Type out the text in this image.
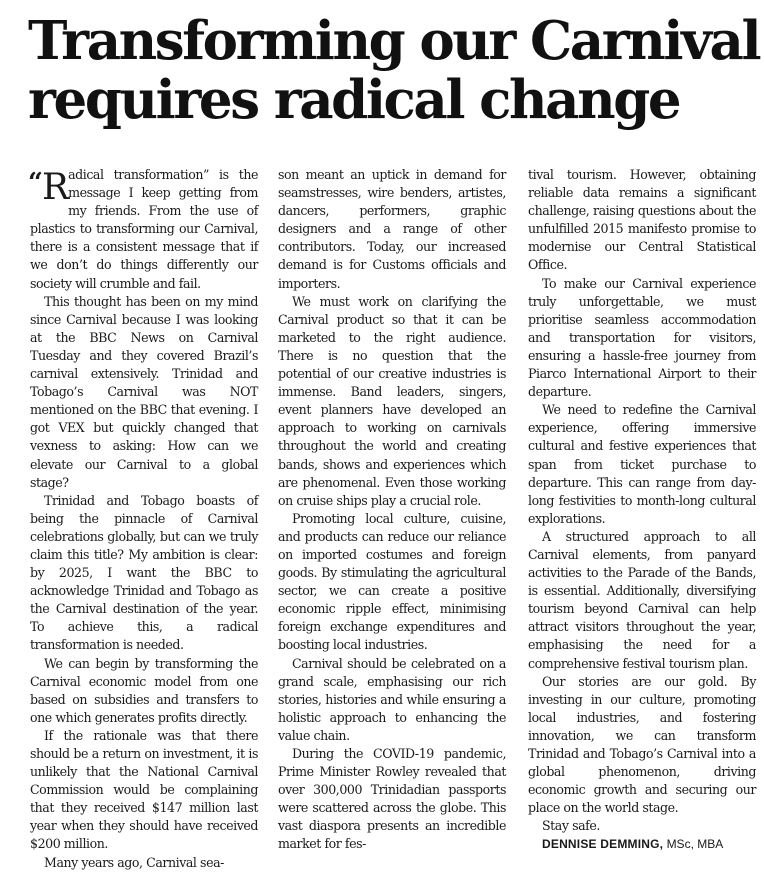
Transforming our Carnival
requires radical change

“R adical transformation” is the message I keep getting from my friends. From the use of plastics to transforming our Carnival, there is a consistent message that if we don’t do things differently our society will crumble and fail.

This thought has been on my mind since Carnival because I was looking at the BBC News on Carnival Tuesday and they covered Brazil’s carnival extensively. Trinidad and Tobago’s Carnival was NOT mentioned on the BBC that evening. I got VEX but quickly changed that vexness to asking: How can we elevate our Carnival to a global stage?

Trinidad and Tobago boasts of being the pinnacle of Carnival celebrations globally, but can we truly claim this title? My ambition is clear: by 2025, I want the BBC to acknowledge Trinidad and Tobago as the Carnival destination of the year. To achieve this, a radical transformation is needed.

We can begin by transforming the Carnival economic model from one based on subsidies and transfers to one which generates profits directly.

If the rationale was that there should be a return on investment, it is unlikely that the National Carnival Commission would be complaining that they received $147 million last year when they should have received $200 million.

Many years ago, Carnival sea-

son meant an uptick in demand for seamstresses, wire benders, artistes, dancers, performers, graphic designers and a range of other contributors. Today, our increased demand is for Customs officials and importers.

We must work on clarifying the Carnival product so that it can be marketed to the right audience. There is no question that the potential of our creative industries is immense. Band leaders, singers, event planners have developed an approach to working on carnivals throughout the world and creating bands, shows and experiences which are phenomenal. Even those working on cruise ships play a crucial role.

Promoting local culture, cuisine, and products can reduce our reliance on imported costumes and foreign goods. By stimulating the agricultural sector, we can create a positive economic ripple effect, minimising foreign exchange expenditures and boosting local industries.

Carnival should be celebrated on a grand scale, emphasising our rich stories, histories and while ensuring a holistic approach to enhancing the value chain.

During the COVID-19 pandemic, Prime Minister Rowley revealed that over 300,000 Trinidadian passports were scattered across the globe. This vast diaspora presents an incredible market for fes-

tival tourism. However, obtaining reliable data remains a significant challenge, raising questions about the unfulfilled 2015 manifesto promise to modernise our Central Statistical Office.

To make our Carnival experience truly unforgettable, we must prioritise seamless accommodation and transportation for visitors, ensuring a hassle-free journey from Piarco International Airport to their departure.

We need to redefine the Carnival experience, offering immersive cultural and festive experiences that span from ticket purchase to departure. This can range from day-long festivities to month-long cultural explorations.

A structured approach to all Carnival elements, from panyard activities to the Parade of the Bands, is essential. Additionally, diversifying tourism beyond Carnival can help attract visitors throughout the year, emphasising the need for a comprehensive festival tourism plan.

Our stories are our gold. By investing in our culture, promoting local industries, and fostering innovation, we can transform Trinidad and Tobago’s Carnival into a global phenomenon, driving economic growth and securing our place on the world stage.

Stay safe.

DENNISE DEMMING, MSc, MBA
